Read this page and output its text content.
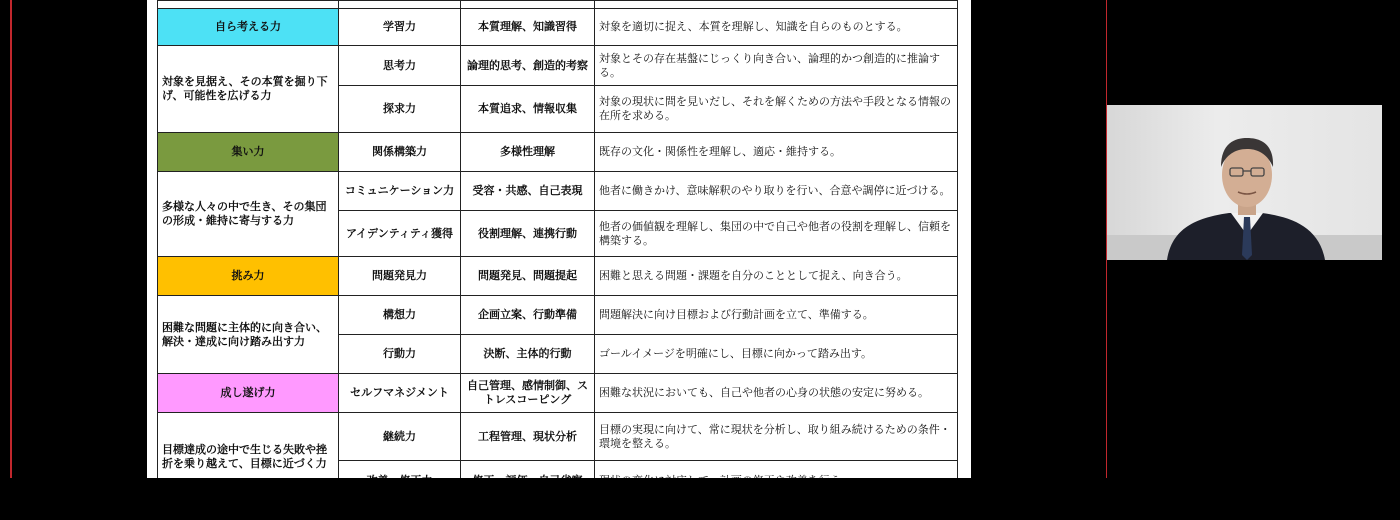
自ら考える力	学習力	本質理解、知識習得	対象を適切に捉え、本質を理解し、知識を自らのものとする。
対象を見据え、その本質を掘り下げ、可能性を広げる力	思考力	論理的思考、創造的考察	対象とその存在基盤にじっくり向き合い、論理的かつ創造的に推論する。
	探求力	本質追求、情報収集	対象の現状に問を見いだし、それを解くための方法や手段となる情報の在所を求める。
集い力	関係構築力	多様性理解	既存の文化・関係性を理解し、適応・維持する。
多様な人々の中で生き、その集団の形成・維持に寄与する力	コミュニケーション力	受容・共感、自己表現	他者に働きかけ、意味解釈のやり取りを行い、合意や調停に近づける。
	アイデンティティ獲得	役割理解、連携行動	他者の価値観を理解し、集団の中で自己や他者の役割を理解し、信頼を構築する。
挑み力	問題発見力	問題発見、問題提起	困難と思える問題・課題を自分のこととして捉え、向き合う。
困難な問題に主体的に向き合い、解決・達成に向け踏み出す力	構想力	企画立案、行動準備	問題解決に向け目標および行動計画を立て、準備する。
	行動力	決断、主体的行動	ゴールイメージを明確にし、目標に向かって踏み出す。
成し遂げ力	セルフマネジメント	自己管理、感情制御、ストレスコーピング	困難な状況においても、自己や他者の心身の状態の安定に努める。
目標達成の途中で生じる失敗や挫折を乗り越えて、目標に近づく力	継続力	工程管理、現状分析	目標の実現に向けて、常に現状を分析し、取り組み続けるための条件・環境を整える。
